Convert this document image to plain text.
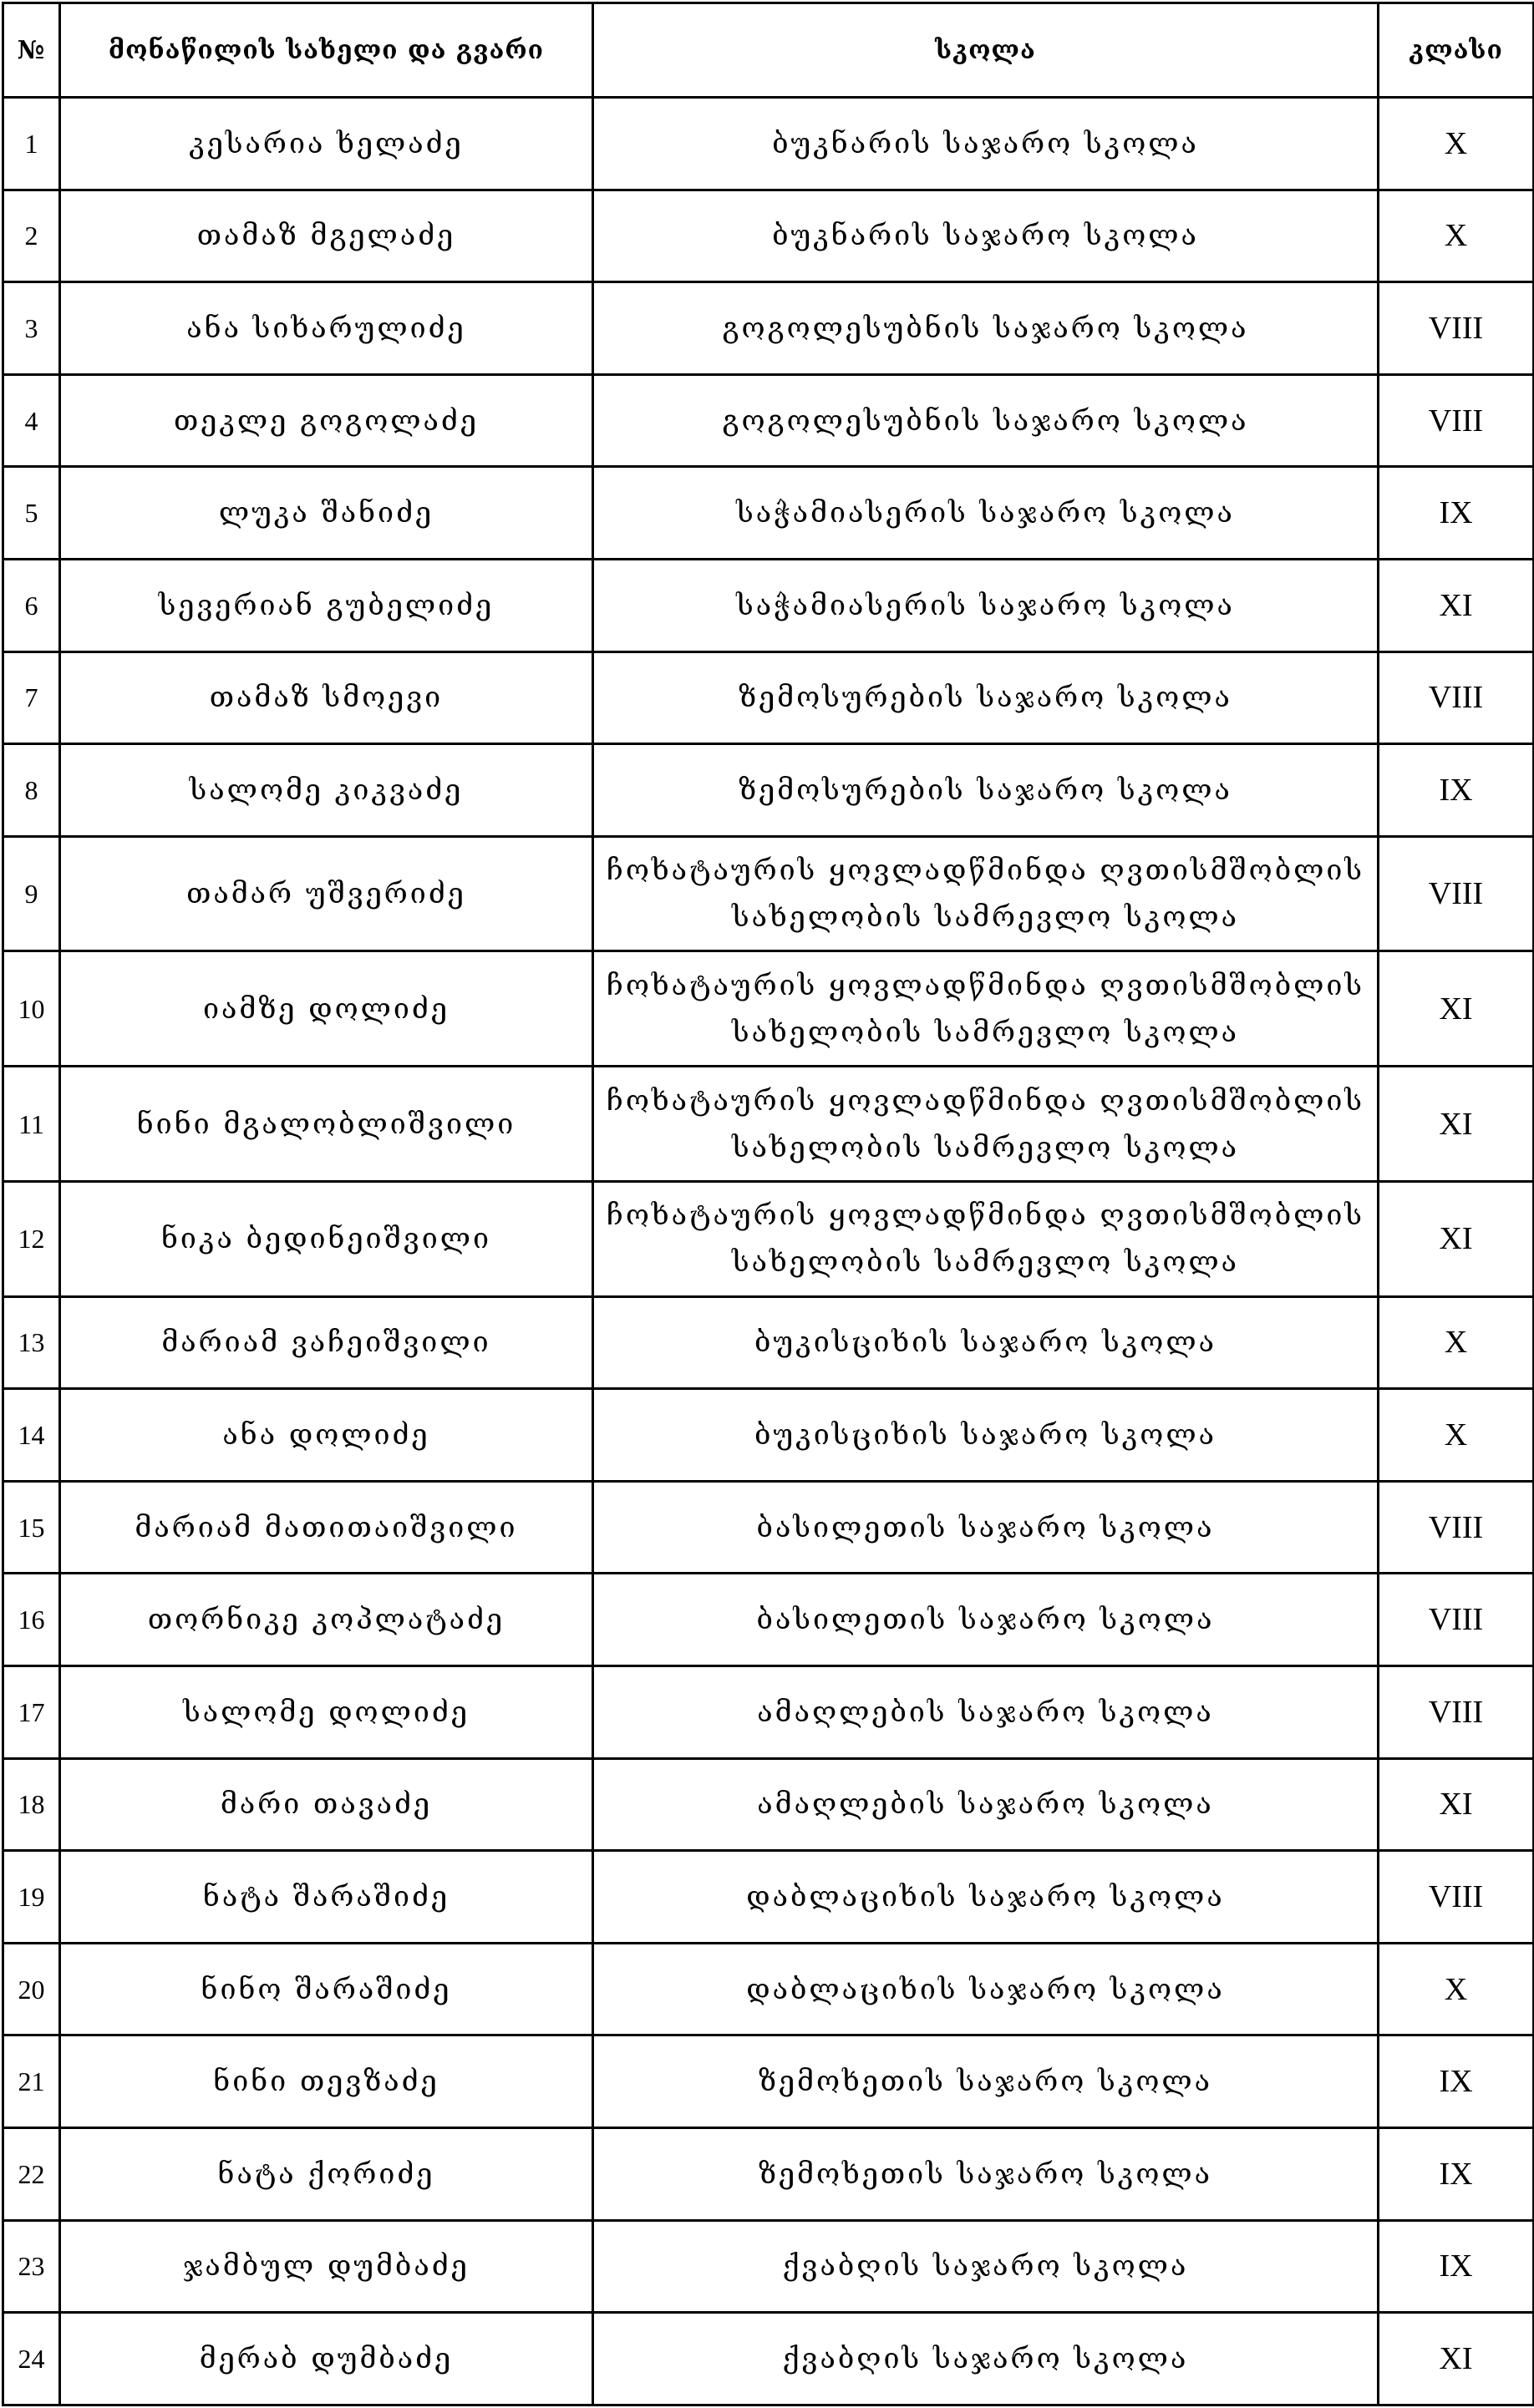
№	მონაწილის სახელი და გვარი	სკოლა	კლასი
1	კესარია ხელაძე	ბუკნარის საჯარო სკოლა	X
2	თამაზ მგელაძე	ბუკნარის საჯარო სკოლა	X
3	ანა სიხარულიძე	გოგოლესუბნის საჯარო სკოლა	VIII
4	თეკლე გოგოლაძე	გოგოლესუბნის საჯარო სკოლა	VIII
5	ლუკა შანიძე	საჭამიასერის საჯარო სკოლა	IX
6	სევერიან გუბელიძე	საჭამიასერის საჯარო სკოლა	XI
7	თამაზ სმოევი	ზემოსურების საჯარო სკოლა	VIII
8	სალომე კიკვაძე	ზემოსურების საჯარო სკოლა	IX
9	თამარ უშვერიძე	ჩოხატაურის ყოვლადწმინდა ღვთისმშობლის
სახელობის სამრევლო სკოლა	VIII
10	იამზე დოლიძე	ჩოხატაურის ყოვლადწმინდა ღვთისმშობლის
სახელობის სამრევლო სკოლა	XI
11	ნინი მგალობლიშვილი	ჩოხატაურის ყოვლადწმინდა ღვთისმშობლის
სახელობის სამრევლო სკოლა	XI
12	ნიკა ბედინეიშვილი	ჩოხატაურის ყოვლადწმინდა ღვთისმშობლის
სახელობის სამრევლო სკოლა	XI
13	მარიამ ვაჩეიშვილი	ბუკისციხის საჯარო სკოლა	X
14	ანა დოლიძე	ბუკისციხის საჯარო სკოლა	X
15	მარიამ მათითაიშვილი	ბასილეთის საჯარო სკოლა	VIII
16	თორნიკე კოპლატაძე	ბასილეთის საჯარო სკოლა	VIII
17	სალომე დოლიძე	ამაღლების საჯარო სკოლა	VIII
18	მარი თავაძე	ამაღლების საჯარო სკოლა	XI
19	ნატა შარაშიძე	დაბლაციხის საჯარო სკოლა	VIII
20	ნინო შარაშიძე	დაბლაციხის საჯარო სკოლა	X
21	ნინი თევზაძე	ზემოხეთის საჯარო სკოლა	IX
22	ნატა ქორიძე	ზემოხეთის საჯარო სკოლა	IX
23	ჯამბულ დუმბაძე	ქვაბღის საჯარო სკოლა	IX
24	მერაბ დუმბაძე	ქვაბღის საჯარო სკოლა	XI
